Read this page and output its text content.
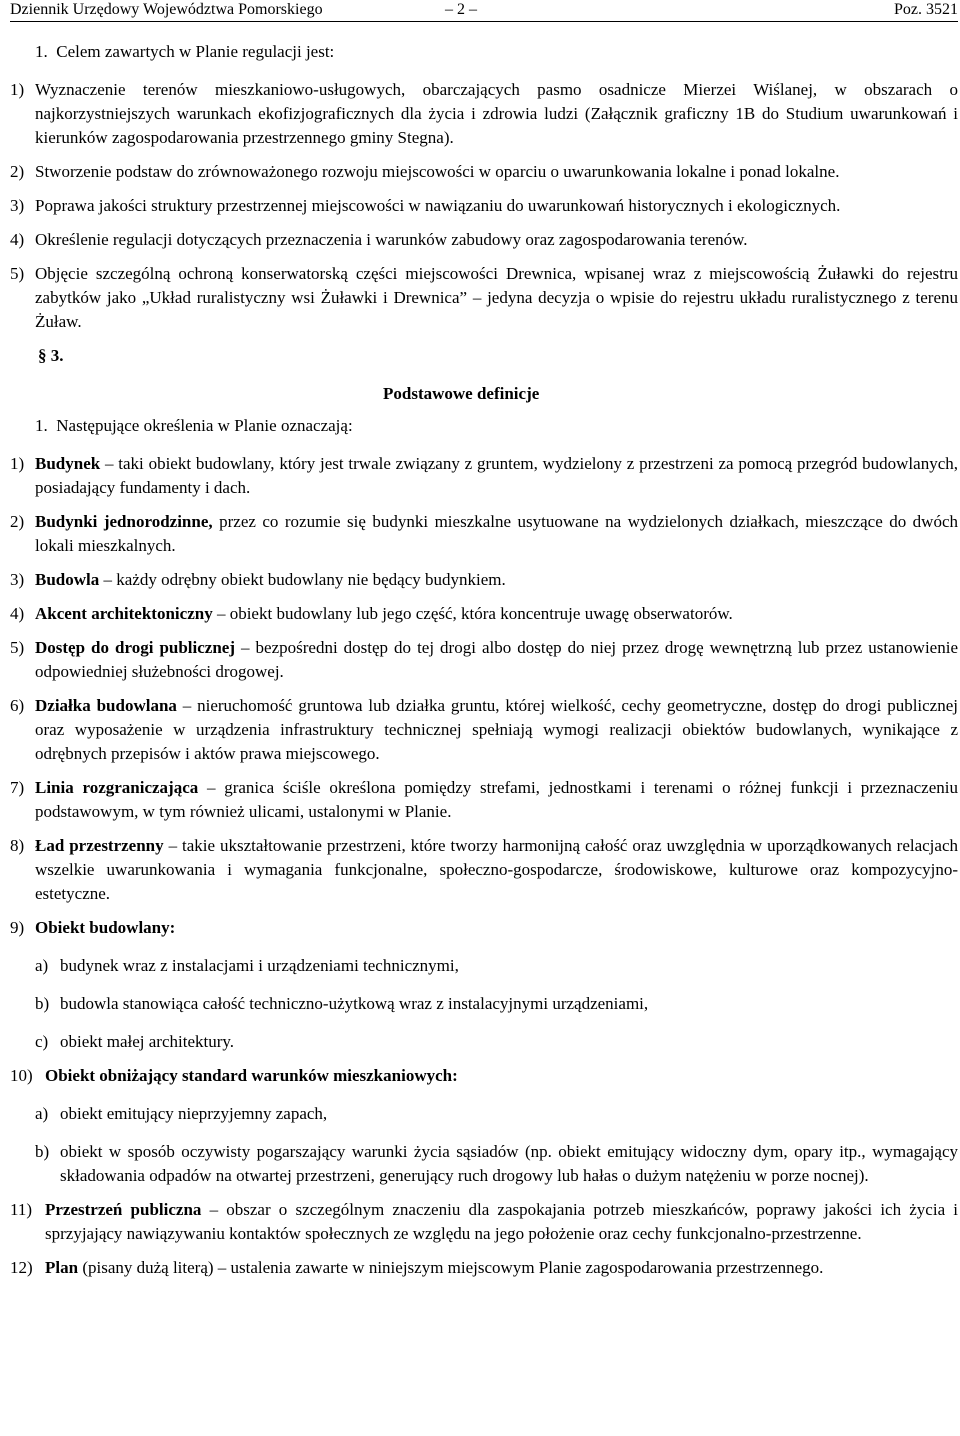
Dziennik Urzędowy Województwa Pomorskiego	– 2 –	Poz. 3521

1. Celem zawartych w Planie regulacji jest:

1) Wyznaczenie terenów mieszkaniowo-usługowych, obarczających pasmo osadnicze Mierzei Wiślanej, w obszarach o najkorzystniejszych warunkach ekofizjograficznych dla życia i zdrowia ludzi (Załącznik graficzny 1B do Studium uwarunkowań i kierunków zagospodarowania przestrzennego gminy Stegna).
2) Stworzenie podstaw do zrównoważonego rozwoju miejscowości w oparciu o uwarunkowania lokalne i ponad lokalne.
3) Poprawa jakości struktury przestrzennej miejscowości w nawiązaniu do uwarunkowań historycznych i ekologicznych.
4) Określenie regulacji dotyczących przeznaczenia i warunków zabudowy oraz zagospodarowania terenów.
5) Objęcie szczególną ochroną konserwatorską części miejscowości Drewnica, wpisanej wraz z miejscowością Żuławki do rejestru zabytków jako „Układ ruralistyczny wsi Żuławki i Drewnica” – jedyna decyzja o wpisie do rejestru układu ruralistycznego z terenu Żuław.
§ 3.
Podstawowe definicje

1. Następujące określenia w Planie oznaczają:

1) Budynek – taki obiekt budowlany, który jest trwale związany z gruntem, wydzielony z przestrzeni za pomocą przegród budowlanych, posiadający fundamenty i dach.
2) Budynki jednorodzinne, przez co rozumie się budynki mieszkalne usytuowane na wydzielonych działkach, mieszczące do dwóch lokali mieszkalnych.
3) Budowla – każdy odrębny obiekt budowlany nie będący budynkiem.
4) Akcent architektoniczny – obiekt budowlany lub jego część, która koncentruje uwagę obserwatorów.
5) Dostęp do drogi publicznej – bezpośredni dostęp do tej drogi albo dostęp do niej przez drogę wewnętrzną lub przez ustanowienie odpowiedniej służebności drogowej.
6) Działka budowlana – nieruchomość gruntowa lub działka gruntu, której wielkość, cechy geometryczne, dostęp do drogi publicznej oraz wyposażenie w urządzenia infrastruktury technicznej spełniają wymogi realizacji obiektów budowlanych, wynikające z odrębnych przepisów i aktów prawa miejscowego.
7) Linia rozgraniczająca – granica ściśle określona pomiędzy strefami, jednostkami i terenami o różnej funkcji i przeznaczeniu podstawowym, w tym również ulicami, ustalonymi w Planie.
8) Ład przestrzenny – takie ukształtowanie przestrzeni, które tworzy harmonijną całość oraz uwzględnia w uporządkowanych relacjach wszelkie uwarunkowania i wymagania funkcjonalne, społeczno-gospodarcze, środowiskowe, kulturowe oraz kompozycyjno-estetyczne.
9) Obiekt budowlany:
a) budynek wraz z instalacjami i urządzeniami technicznymi,
b) budowla stanowiąca całość techniczno-użytkową wraz z instalacyjnymi urządzeniami,
c) obiekt małej architektury.
10) Obiekt obniżający standard warunków mieszkaniowych:
a) obiekt emitujący nieprzyjemny zapach,
b) obiekt w sposób oczywisty pogarszający warunki życia sąsiadów (np. obiekt emitujący widoczny dym, opary itp., wymagający składowania odpadów na otwartej przestrzeni, generujący ruch drogowy lub hałas o dużym natężeniu w porze nocnej).
11) Przestrzeń publiczna – obszar o szczególnym znaczeniu dla zaspokajania potrzeb mieszkańców, poprawy jakości ich życia i sprzyjający nawiązywaniu kontaktów społecznych ze względu na jego położenie oraz cechy funkcjonalno-przestrzenne.
12) Plan (pisany dużą literą) – ustalenia zawarte w niniejszym miejscowym Planie zagospodarowania przestrzennego.
